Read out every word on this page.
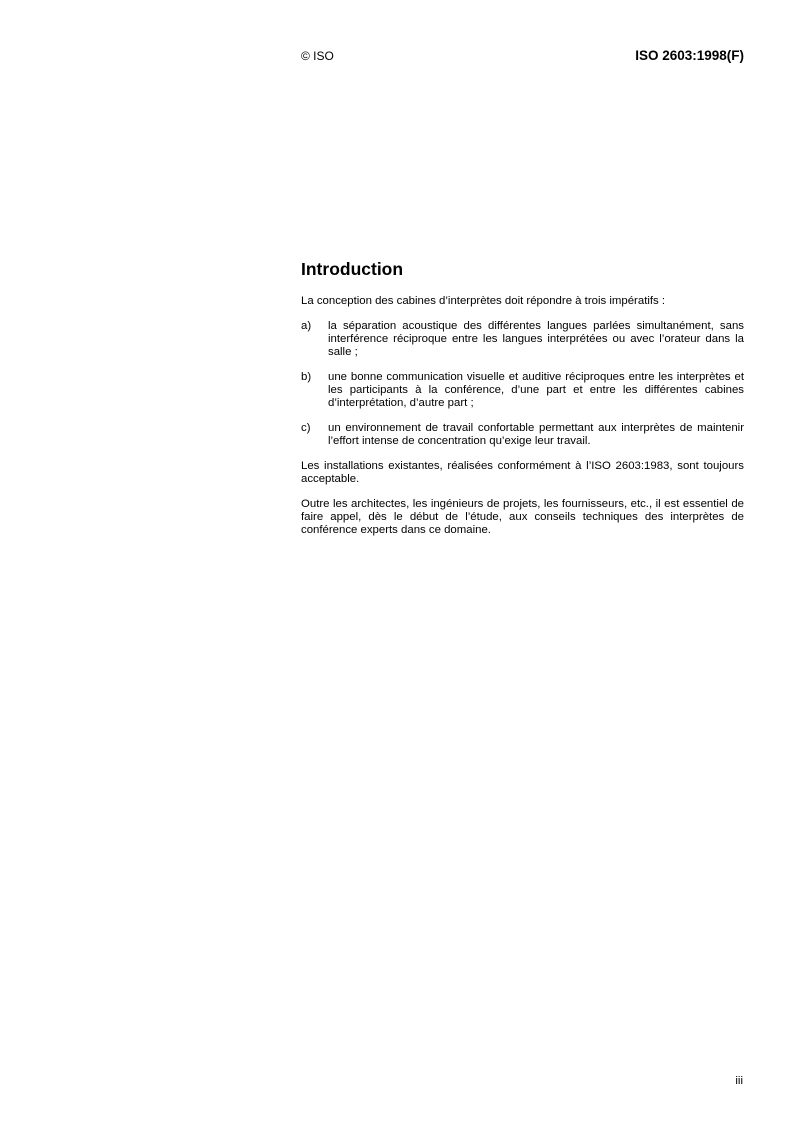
© ISO	ISO 2603:1998(F)
Introduction

La conception des cabines d’interprètes doit répondre à trois impératifs :

a)	la séparation acoustique des différentes langues parlées simultanément, sans interférence réciproque entre les langues interprétées ou avec l’orateur dans la salle ;
b)	une bonne communication visuelle et auditive réciproques entre les interprètes et les participants à la conférence, d’une part et entre les différentes cabines d’interprétation, d’autre part ;
c)	un environnement de travail confortable permettant aux interprètes de maintenir l’effort intense de concentration qu’exige leur travail.

Les installations existantes, réalisées conformément à l’ISO 2603:1983, sont toujours acceptable.

Outre les architectes, les ingénieurs de projets, les fournisseurs, etc., il est essentiel de faire appel, dès le début de l’étude, aux conseils techniques des interprètes de conférence experts dans ce domaine.

iii
